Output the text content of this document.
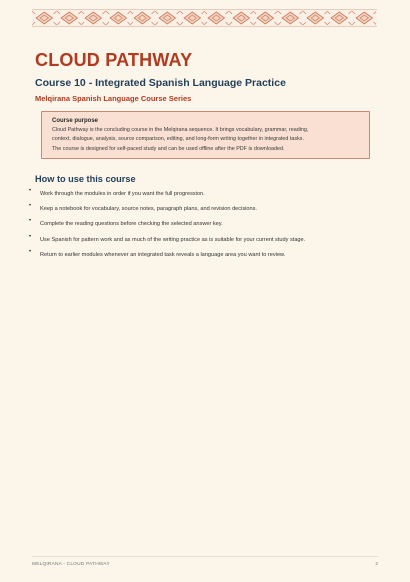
CLOUD PATHWAY
Course 10 - Integrated Spanish Language Practice
Melqirana Spanish Language Course Series
Course purpose
Cloud Pathway is the concluding course in the Melqirana sequence. It brings vocabulary, grammar, reading,
context, dialogue, analysis, source comparison, editing, and long-form writing together in integrated tasks.
The course is designed for self-paced study and can be used offline after the PDF is downloaded.
How to use this course
• Work through the modules in order if you want the full progression.
• Keep a notebook for vocabulary, source notes, paragraph plans, and revision decisions.
• Complete the reading questions before checking the selected answer key.
• Use Spanish for pattern work and as much of the writing practice as is suitable for your current study stage.
• Return to earlier modules whenever an integrated task reveals a language area you want to review.
MELQIRANA - CLOUD PATHWAY	2
